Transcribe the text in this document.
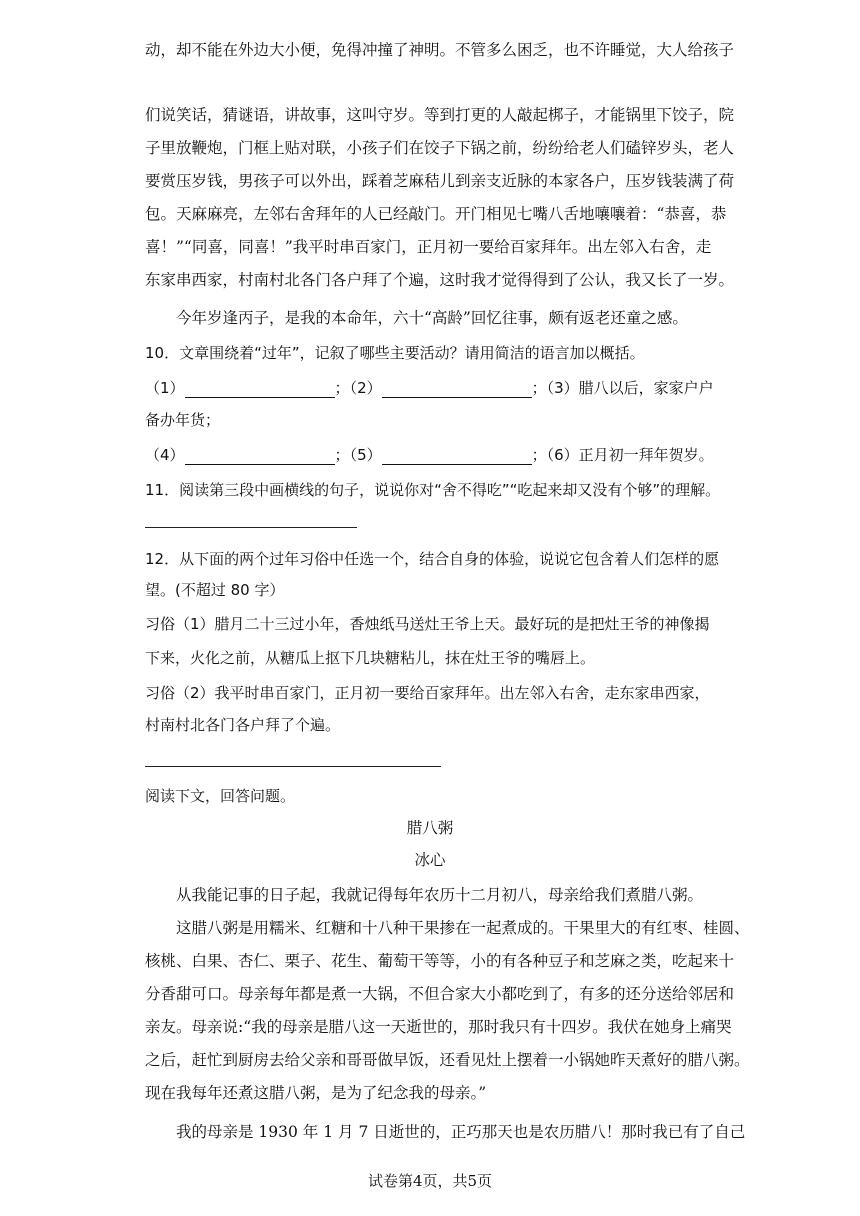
动，却不能在外边大小便，免得冲撞了神明。不管多么困乏，也不许睡觉，大人给孩子
们说笑话，猜谜语，讲故事，这叫守岁。等到打更的人敲起梆子，才能锅里下饺子，院
子里放鞭炮，门框上贴对联，小孩子们在饺子下锅之前，纷纷给老人们磕锌岁头，老人
要赏压岁钱，男孩子可以外出，踩着芝麻秸儿到亲支近脉的本家各户，压岁钱装满了荷
包。天麻麻亮，左邻右舍拜年的人已经敲门。开门相见七嘴八舌地嚷嚷着：“恭喜，恭
喜！”“同喜，同喜！”我平时串百家门，正月初一要给百家拜年。出左邻入右舍，走
东家串西家，村南村北各门各户拜了个遍，这时我才觉得得到了公认，我又长了一岁。
今年岁逢丙子，是我的本命年，六十“高龄”回忆往事，颇有返老还童之感。
10．文章围绕着“过年”，记叙了哪些主要活动？请用简洁的语言加以概括。
（1）	；（2）	；（3）腊八以后，家家户户
备办年货；
（4）	；（5）	；（6）正月初一拜年贺岁。
11．阅读第三段中画横线的句子，说说你对“舍不得吃”“吃起来却又没有个够”的理解。
12．从下面的两个过年习俗中任选一个，结合自身的体验，说说它包含着人们怎样的愿
望。(不超过 80 字）
习俗（1）腊月二十三过小年，香烛纸马送灶王爷上天。最好玩的是把灶王爷的神像揭
下来，火化之前，从糖瓜上抠下几块糖粘儿，抹在灶王爷的嘴唇上。
习俗（2）我平时串百家门，正月初一要给百家拜年。出左邻入右舍，走东家串西家，
村南村北各门各户拜了个遍。
阅读下文，回答问题。
腊八粥
冰心
从我能记事的日子起，我就记得每年农历十二月初八，母亲给我们煮腊八粥。
这腊八粥是用糯米、红糖和十八种干果掺在一起煮成的。干果里大的有红枣、桂圆、
核桃、白果、杏仁、栗子、花生、葡萄干等等，小的有各种豆子和芝麻之类，吃起来十
分香甜可口。母亲每年都是煮一大锅，不但合家大小都吃到了，有多的还分送给邻居和
亲友。母亲说:“我的母亲是腊八这一天逝世的，那时我只有十四岁。我伏在她身上痛哭
之后，赶忙到厨房去给父亲和哥哥做早饭，还看见灶上摆着一小锅她昨天煮好的腊八粥。
现在我每年还煮这腊八粥，是为了纪念我的母亲。”
我的母亲是 1930 年 1 月 7 日逝世的，正巧那天也是农历腊八！那时我已有了自己
试卷第4页，共5页
